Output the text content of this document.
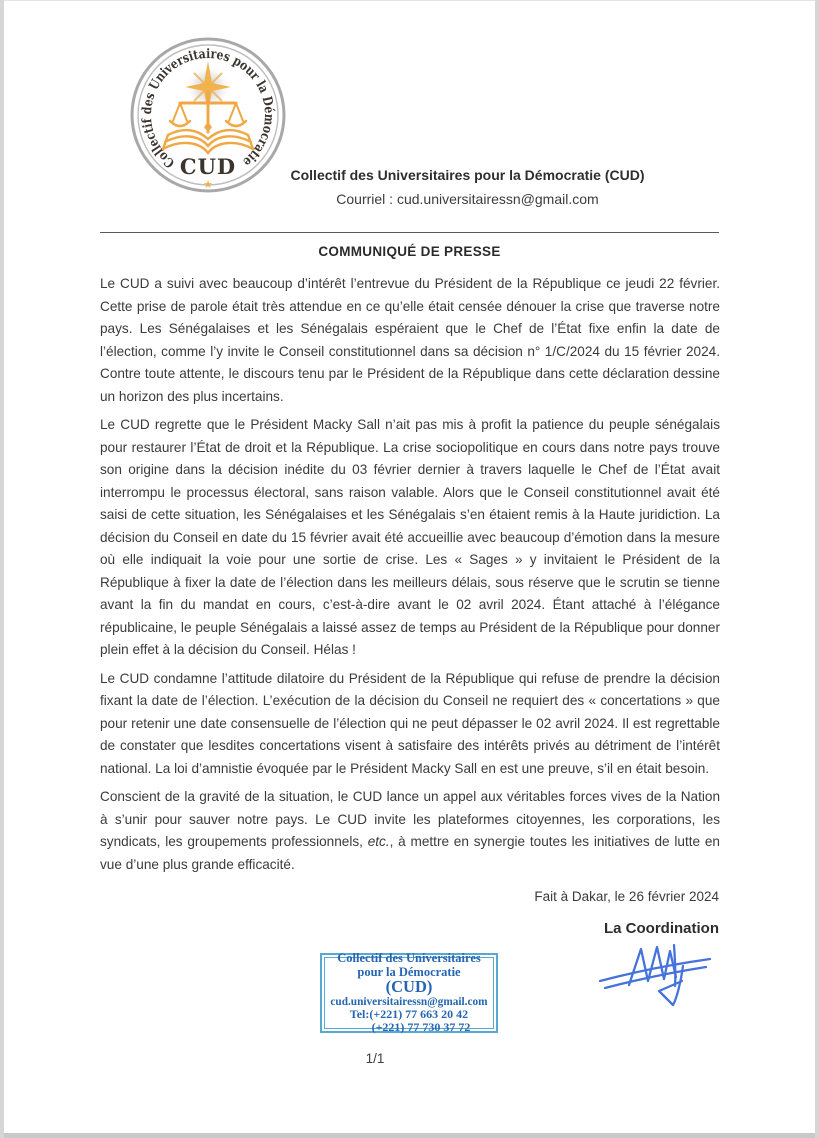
Collectif des Universitaires pour la Démocratie
CUD
★
Collectif des Universitaires pour la Démocratie (CUD)
Courriel : cud.universitairessn@gmail.com
COMMUNIQUÉ DE PRESSE

Le CUD a suivi avec beaucoup d’intérêt l’entrevue du Président de la République ce jeudi 22 février. Cette prise de parole était très attendue en ce qu’elle était censée dénouer la crise que traverse notre pays. Les Sénégalaises et les Sénégalais espéraient que le Chef de l’État fixe enfin la date de l’élection, comme l’y invite le Conseil constitutionnel dans sa décision n° 1/C/2024 du 15 février 2024. Contre toute attente, le discours tenu par le Président de la République dans cette déclaration dessine un horizon des plus incertains.

Le CUD regrette que le Président Macky Sall n’ait pas mis à profit la patience du peuple sénégalais pour restaurer l’État de droit et la République. La crise sociopolitique en cours dans notre pays trouve son origine dans la décision inédite du 03 février dernier à travers laquelle le Chef de l’État avait interrompu le processus électoral, sans raison valable. Alors que le Conseil constitutionnel avait été saisi de cette situation, les Sénégalaises et les Sénégalais s’en étaient remis à la Haute juridiction. La décision du Conseil en date du 15 février avait été accueillie avec beaucoup d’émotion dans la mesure où elle indiquait la voie pour une sortie de crise. Les « Sages » y invitaient le Président de la République à fixer la date de l’élection dans les meilleurs délais, sous réserve que le scrutin se tienne avant la fin du mandat en cours, c’est-à-dire avant le 02 avril 2024. Étant attaché à l’élégance républicaine, le peuple Sénégalais a laissé assez de temps au Président de la République pour donner plein effet à la décision du Conseil. Hélas !

Le CUD condamne l’attitude dilatoire du Président de la République qui refuse de prendre la décision fixant la date de l’élection. L’exécution de la décision du Conseil ne requiert des « concertations » que pour retenir une date consensuelle de l’élection qui ne peut dépasser le 02 avril 2024. Il est regrettable de constater que lesdites concertations visent à satisfaire des intérêts privés au détriment de l’intérêt national. La loi d’amnistie évoquée par le Président Macky Sall en est une preuve, s’il en était besoin.

Conscient de la gravité de la situation, le CUD lance un appel aux véritables forces vives de la Nation à s’unir pour sauver notre pays. Le CUD invite les plateformes citoyennes, les corporations, les syndicats, les groupements professionnels, etc., à mettre en synergie toutes les initiatives de lutte en vue d’une plus grande efficacité.

Fait à Dakar, le 26 février 2024
La Coordination
Collectif des Universitaires
pour la Démocratie
(CUD)
cud.universitairessn@gmail.com
Tel:(+221) 77 663 20 42
(+221) 77 730 37 72
1/1
